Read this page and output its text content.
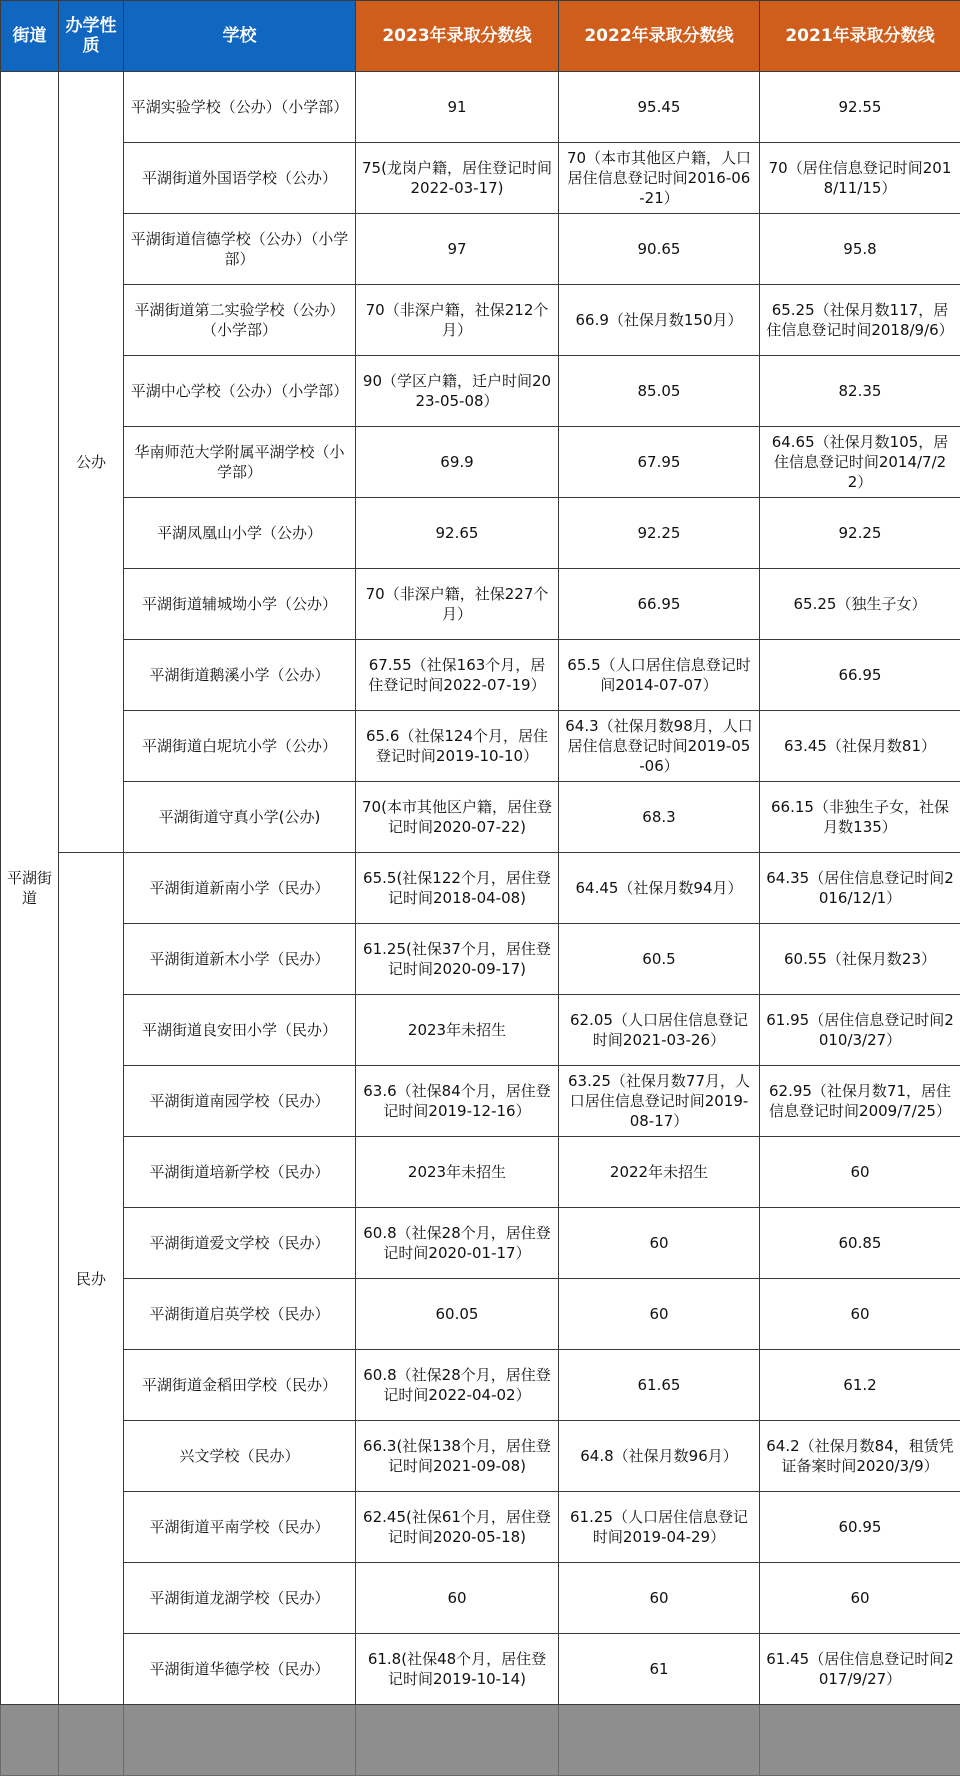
街道	办学性质	学校	2023年录取分数线	2022年录取分数线	2021年录取分数线
平湖街道	公办	平湖实验学校（公办）（小学部）	91	95.45	92.55
		平湖街道外国语学校（公办）	75(龙岗户籍，居住登记时间2022-03-17)	70（本市其他区户籍，人口居住信息登记时间2016-06-21）	70（居住信息登记时间2018/11/15）
		平湖街道信德学校（公办）（小学部）	97	90.65	95.8
		平湖街道第二实验学校（公办）（小学部）	70（非深户籍，社保212个月）	66.9（社保月数150月）	65.25（社保月数117，居住信息登记时间2018/9/6）
		平湖中心学校（公办）（小学部）	90（学区户籍，迁户时间2023-05-08）	85.05	82.35
		华南师范大学附属平湖学校（小学部）	69.9	67.95	64.65（社保月数105，居住信息登记时间2014/7/22）
		平湖凤凰山小学（公办）	92.65	92.25	92.25
		平湖街道辅城坳小学（公办）	70（非深户籍，社保227个月）	66.95	65.25（独生子女）
		平湖街道鹅溪小学（公办）	67.55（社保163个月，居住登记时间2022-07-19）	65.5（人口居住信息登记时间2014-07-07）	66.95
		平湖街道白坭坑小学（公办）	65.6（社保124个月，居住登记时间2019-10-10）	64.3（社保月数98月，人口居住信息登记时间2019-05-06）	63.45（社保月数81）
		平湖街道守真小学(公办)	70(本市其他区户籍，居住登记时间2020-07-22)	68.3	66.15（非独生子女，社保月数135）
	民办	平湖街道新南小学（民办）	65.5(社保122个月，居住登记时间2018-04-08)	64.45（社保月数94月）	64.35（居住信息登记时间2016/12/1）
		平湖街道新木小学（民办）	61.25(社保37个月，居住登记时间2020-09-17)	60.5	60.55（社保月数23）
		平湖街道良安田小学（民办）	2023年未招生	62.05（人口居住信息登记时间2021-03-26）	61.95（居住信息登记时间2010/3/27）
		平湖街道南园学校（民办）	63.6（社保84个月，居住登记时间2019-12-16）	63.25（社保月数77月，人口居住信息登记时间2019-08-17）	62.95（社保月数71，居住信息登记时间2009/7/25）
		平湖街道培新学校（民办）	2023年未招生	2022年未招生	60
		平湖街道爱文学校（民办）	60.8（社保28个月，居住登记时间2020-01-17）	60	60.85
		平湖街道启英学校（民办）	60.05	60	60
		平湖街道金稻田学校（民办）	60.8（社保28个月，居住登记时间2022-04-02）	61.65	61.2
		兴文学校（民办）	66.3(社保138个月，居住登记时间2021-09-08)	64.8（社保月数96月）	64.2（社保月数84，租赁凭证备案时间2020/3/9）
		平湖街道平南学校（民办）	62.45(社保61个月，居住登记时间2020-05-18)	61.25（人口居住信息登记时间2019-04-29）	60.95
		平湖街道龙湖学校（民办）	60	60	60
		平湖街道华德学校（民办）	61.8(社保48个月，居住登记时间2019-10-14)	61	61.45（居住信息登记时间2017/9/27）
